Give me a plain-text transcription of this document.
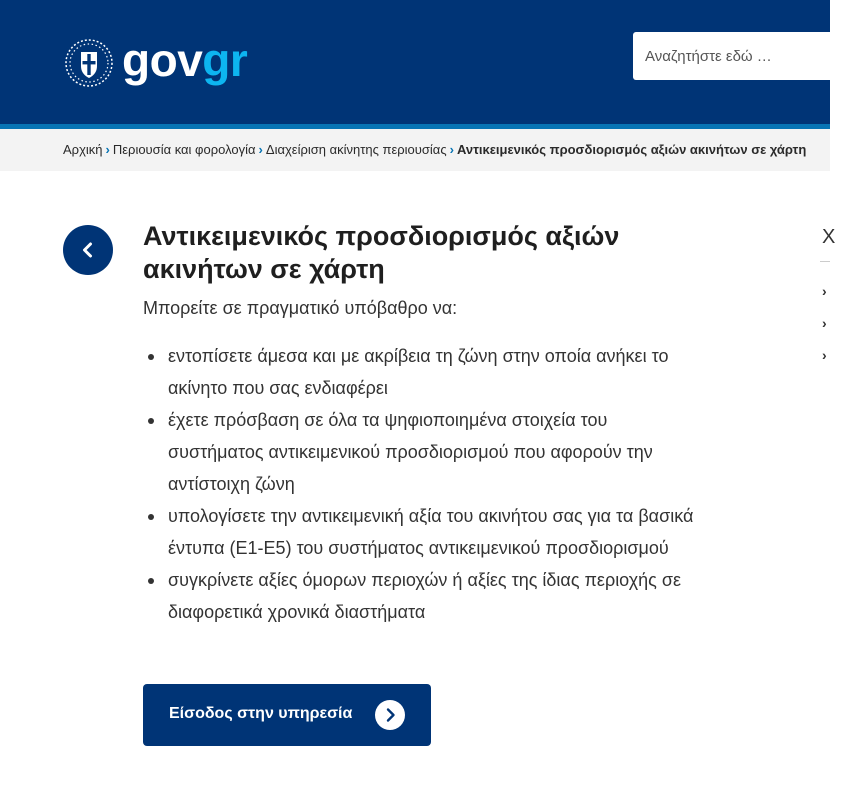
govgr
Αναζητήστε εδώ …
Αρχική › Περιουσία και φορολογία › Διαχείριση ακίνητης περιουσίας › Αντικειμενικός προσδιορισμός αξιών ακινήτων σε χάρτη
Αντικειμενικός προσδιορισμός αξιών ακινήτων σε χάρτη

Μπορείτε σε πραγματικό υπόβαθρο να:

εντοπίσετε άμεσα και με ακρίβεια τη ζώνη στην οποία ανήκει το ακίνητο που σας ενδιαφέρει
έχετε πρόσβαση σε όλα τα ψηφιοποιημένα στοιχεία του συστήματος αντικειμενικού προσδιορισμού που αφορούν την αντίστοιχη ζώνη
υπολογίσετε την αντικειμενική αξία του ακινήτου σας για τα βασικά έντυπα (Ε1-Ε5) του συστήματος αντικειμενικού προσδιορισμού
συγκρίνετε αξίες όμορων περιοχών ή αξίες της ίδιας περιοχής σε διαφορετικά χρονικά διαστήματα
Είσοδος στην υπηρεσία
Χ
›
›
›
